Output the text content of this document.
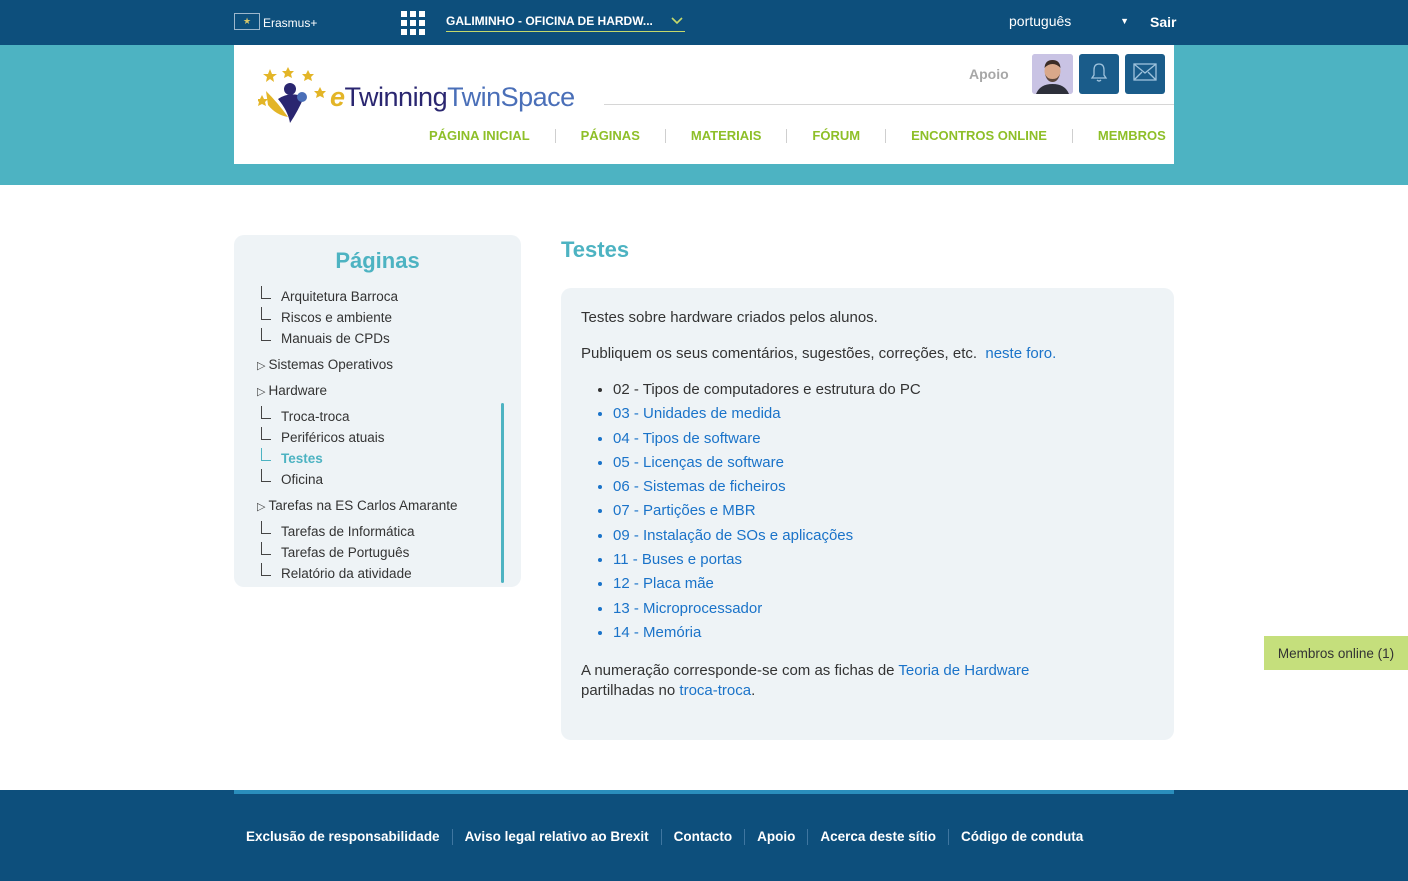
★ Erasmus+	GALIMINHO - OFICINA DE HARDW...	português	▼ Sair
eTwinningTwinSpace
Apoio
PÁGINA INICIAL	PÁGINAS	MATERIAIS	FÓRUM	ENCONTROS ONLINE	MEMBROS
Páginas
Arquitetura Barroca
Riscos e ambiente
Manuais de CPDs
▷ Sistemas Operativos
▷ Hardware
Troca-troca
Periféricos atuais
Testes
Oficina
▷ Tarefas na ES Carlos Amarante
Tarefas de Informática
Tarefas de Português
Relatório da atividade
Testes

Testes sobre hardware criados pelos alunos.

Publiquem os seus comentários, sugestões, correções, etc. neste foro.

• 02 - Tipos de computadores e estrutura do PC
• 03 - Unidades de medida
• 04 - Tipos de software
• 05 - Licenças de software
• 06 - Sistemas de ficheiros
• 07 - Partições e MBR
• 09 - Instalação de SOs e aplicações
• 11 - Buses e portas
• 12 - Placa mãe
• 13 - Microprocessador
• 14 - Memória
A numeração corresponde-se com as fichas de Teoria de Hardware
partilhadas no troca-troca.
Membros online (1)
Exclusão de responsabilidade	Aviso legal relativo ao Brexit	Contacto	Apoio	Acerca deste sítio	Código de conduta
